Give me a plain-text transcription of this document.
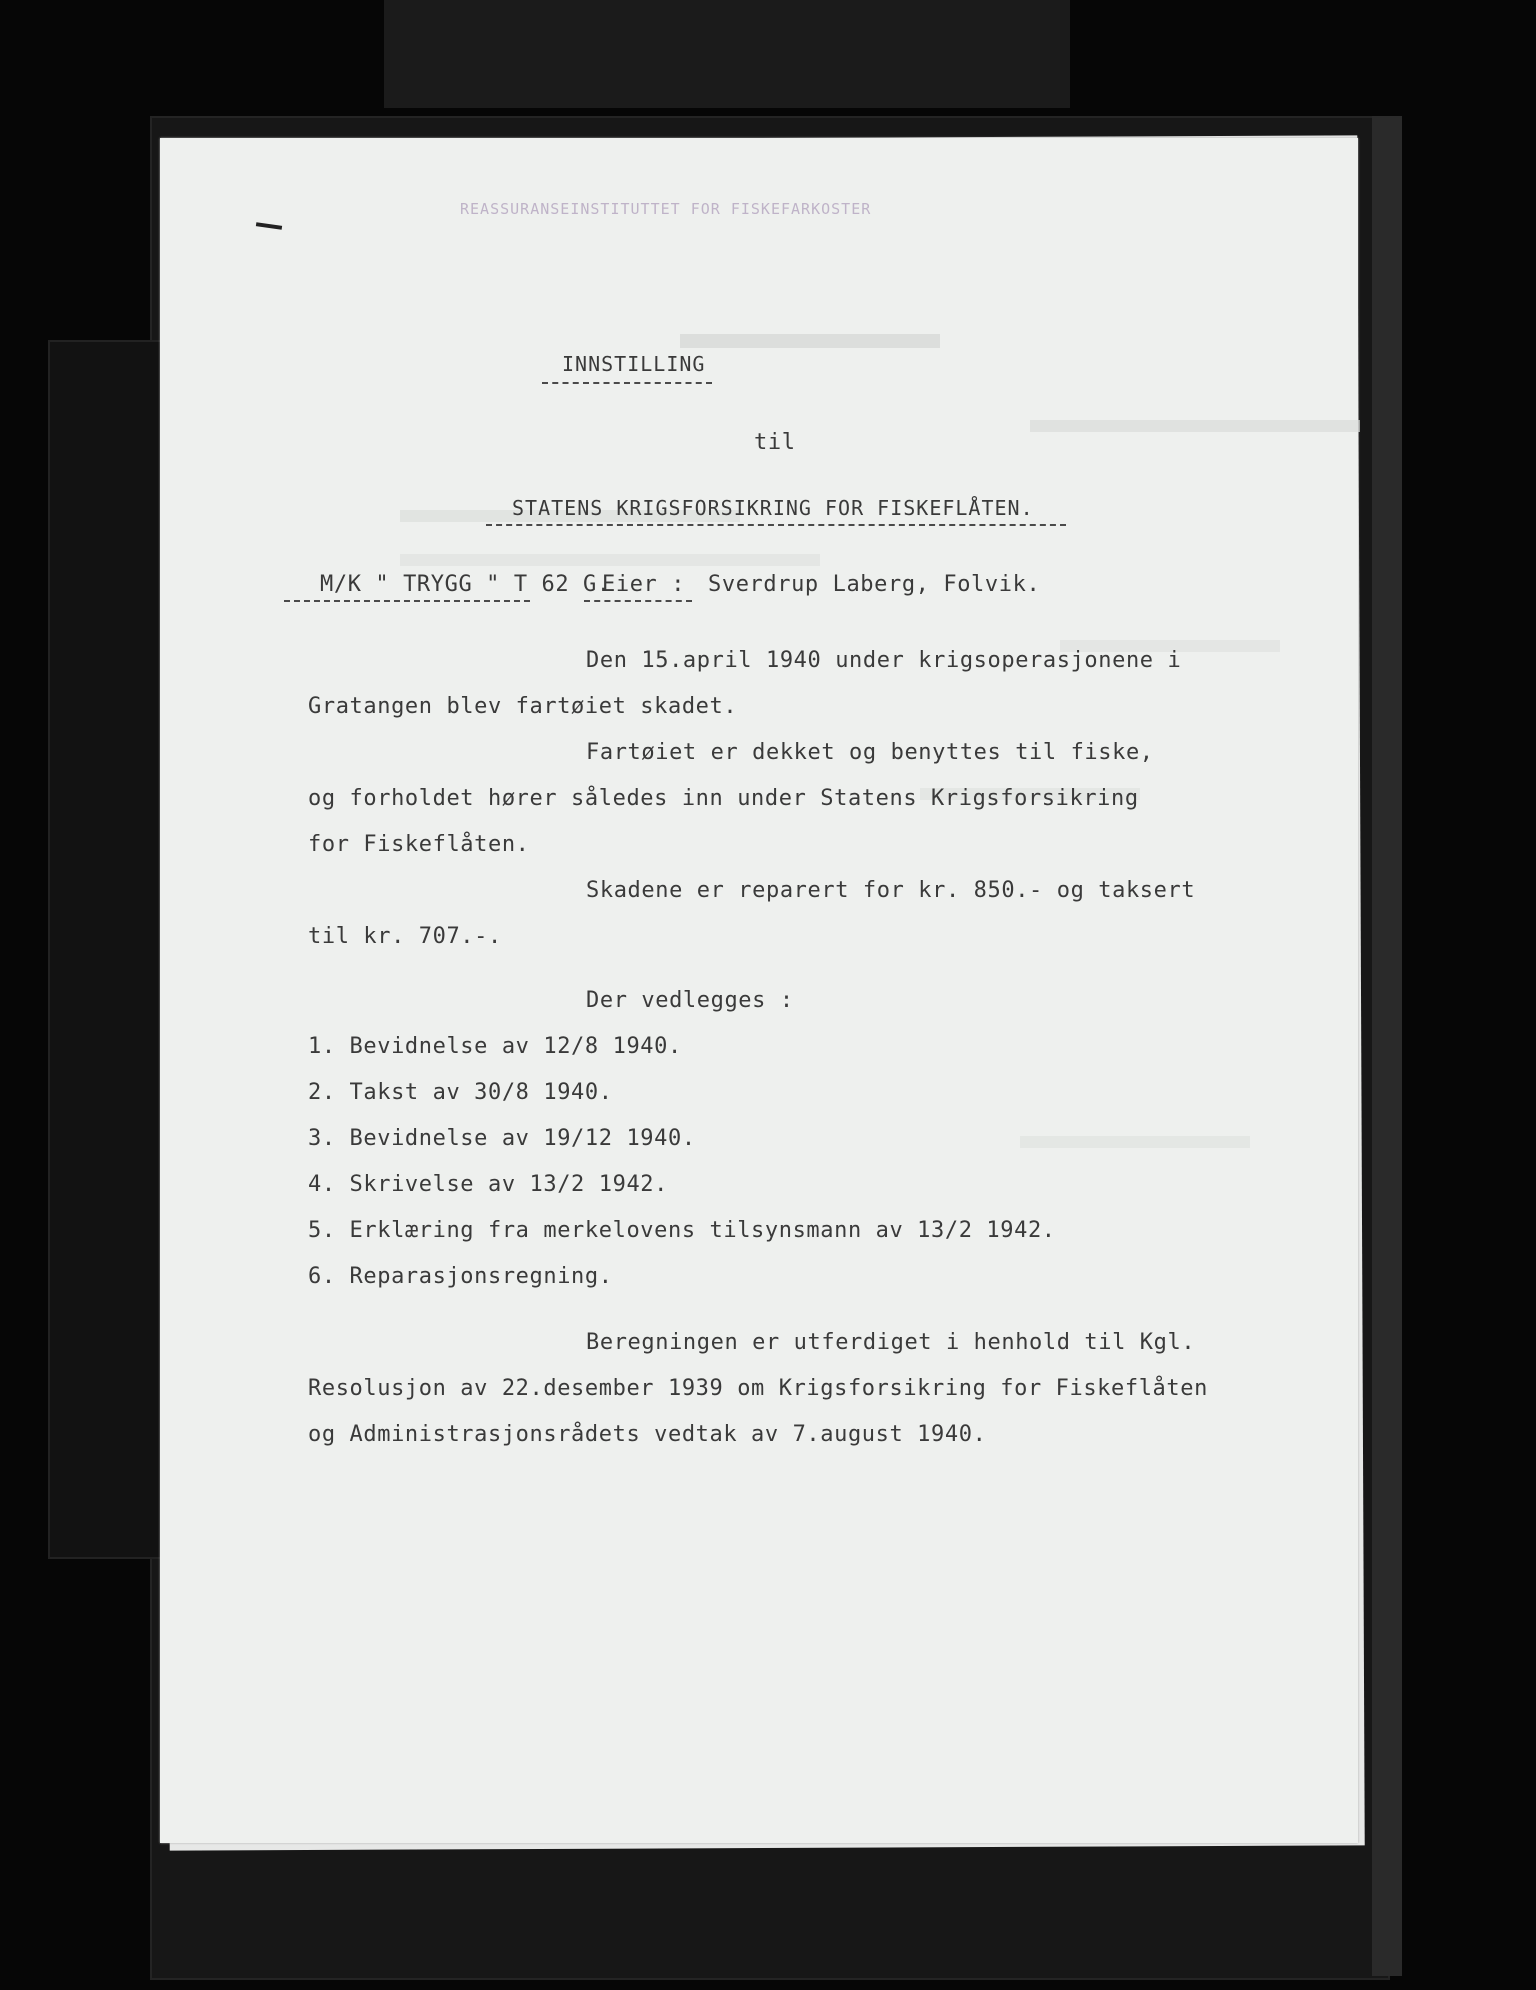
REASSURANSEINSTITUTTET FOR FISKEFARKOSTER
INNSTILLING
til
STATENS KRIGSFORSIKRING FOR FISKEFLÅTEN.
M/K " TRYGG " T 62 G.
Eier : Sverdrup Laberg, Folvik.
Den 15.april 1940 under krigsoperasjonene i
Gratangen blev fartøiet skadet.
Fartøiet er dekket og benyttes til fiske,
og forholdet hører således inn under Statens Krigsforsikring
for Fiskeflåten.
Skadene er reparert for kr. 850.- og taksert
til kr. 707.-.
Der vedlegges :
1. Bevidnelse av 12/8 1940.
2. Takst av 30/8 1940.
3. Bevidnelse av 19/12 1940.
4. Skrivelse av 13/2 1942.
5. Erklæring fra merkelovens tilsynsmann av 13/2 1942.
6. Reparasjonsregning.
Beregningen er utferdiget i henhold til Kgl.
Resolusjon av 22.desember 1939 om Krigsforsikring for Fiskeflåten
og Administrasjonsrådets vedtak av 7.august 1940.
